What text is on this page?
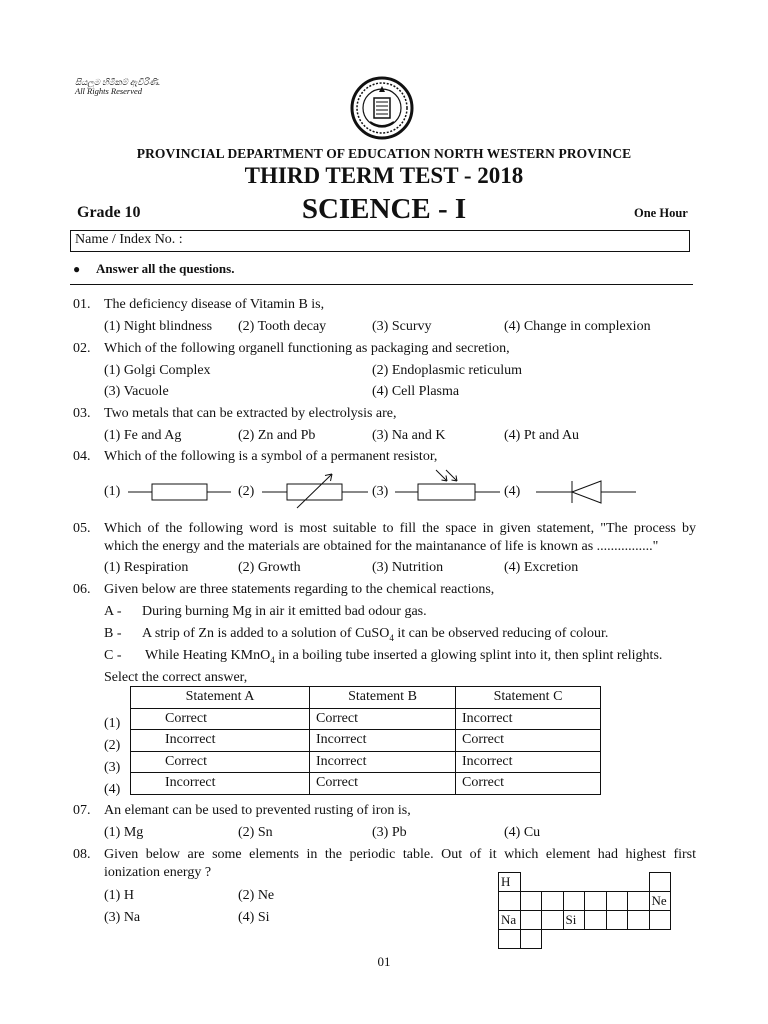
සියලුම හිමිකම් ඇවිරිණි.
All Rights Reserved
PROVINCIAL DEPARTMENT OF EDUCATION NORTH WESTERN PROVINCE
THIRD TERM TEST - 2018
Grade 10	SCIENCE - I	One Hour
Name / Index No. :
● Answer all the questions.
01. The deficiency disease of Vitamin B is,
(1) Night blindness (2) Tooth decay	(3) Scurvy	(4) Change in complexion
02. Which of the following organell functioning as packaging and secretion,
(1) Golgi Complex	(2) Endoplasmic reticulum
(3) Vacuole	(4) Cell Plasma
03. Two metals that can be extracted by electrolysis are,
(1) Fe and Ag	(2) Zn and Pb	(3) Na and K	(4) Pt and Au
04. Which of the following is a symbol of a permanent resistor,
(1)	(2)	(3)	(4)
05. Which of the following word is most suitable to fill the space in given statement, "The process by
which the energy and the materials are obtained for the maintanance of life is known as ................"
(1) Respiration	(2) Growth	(3) Nutrition	(4) Excretion
06. Given below are three statements regarding to the chemical reactions,
A - During burning Mg in air it emitted bad odour gas.
B - A strip of Zn is added to a solution of CuSO$_4$ it can be observed reducing of colour.
C - While Heating KMnO$_4$ in a boiling tube inserted a glowing splint into it, then splint relights.
Select the correct answer,
(1)
(2)
(3)
(4)
Statement A	Statement B	Statement C
Correct	Correct	Incorrect
Incorrect	Incorrect	Correct
Correct	Incorrect	Incorrect
Incorrect	Correct	Correct
07. An elemant can be used to prevented rusting of iron is,
(1) Mg	(2) Sn	(3) Pb	(4) Cu
08. Given below are some elements in the periodic table. Out of it which element had highest first
ionization energy ?
(1) H	(2) Ne
(3) Na	(4) Si
H							
							Ne
Na			Si				

01
